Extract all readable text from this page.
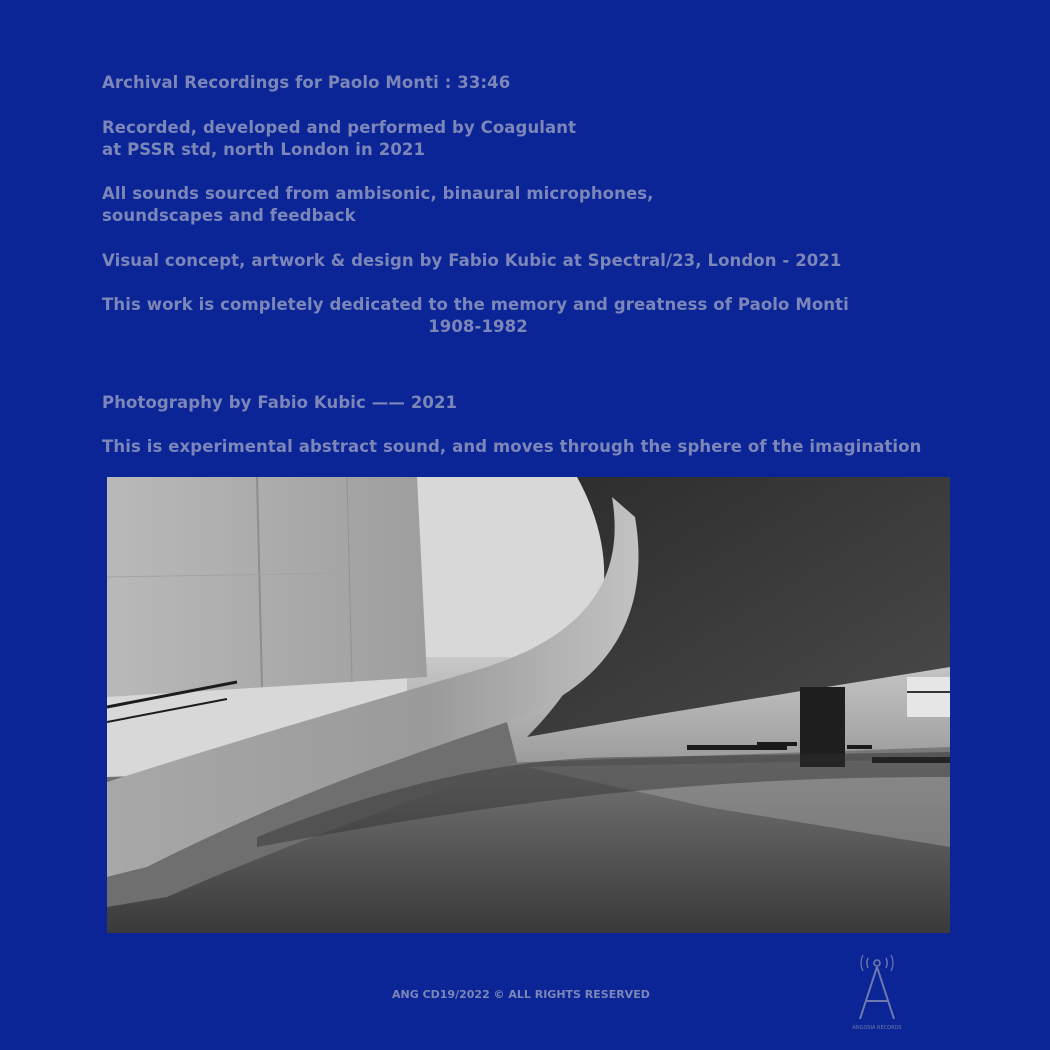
Archival Recordings for Paolo Monti : 33:46
Recorded, developed and performed by Coagulant
at PSSR std, north London in 2021
All sounds sourced from ambisonic, binaural microphones,
soundscapes and feedback
Visual concept, artwork & design by Fabio Kubic at Spectral/23, London - 2021
This work is completely dedicated to the memory and greatness of Paolo Monti
1908-1982
Photography by Fabio Kubic —— 2021
This is experimental abstract sound, and moves through the sphere of the imagination
ANG CD19/2022 © ALL RIGHTS RESERVED
ANGOSIA RECORDS
